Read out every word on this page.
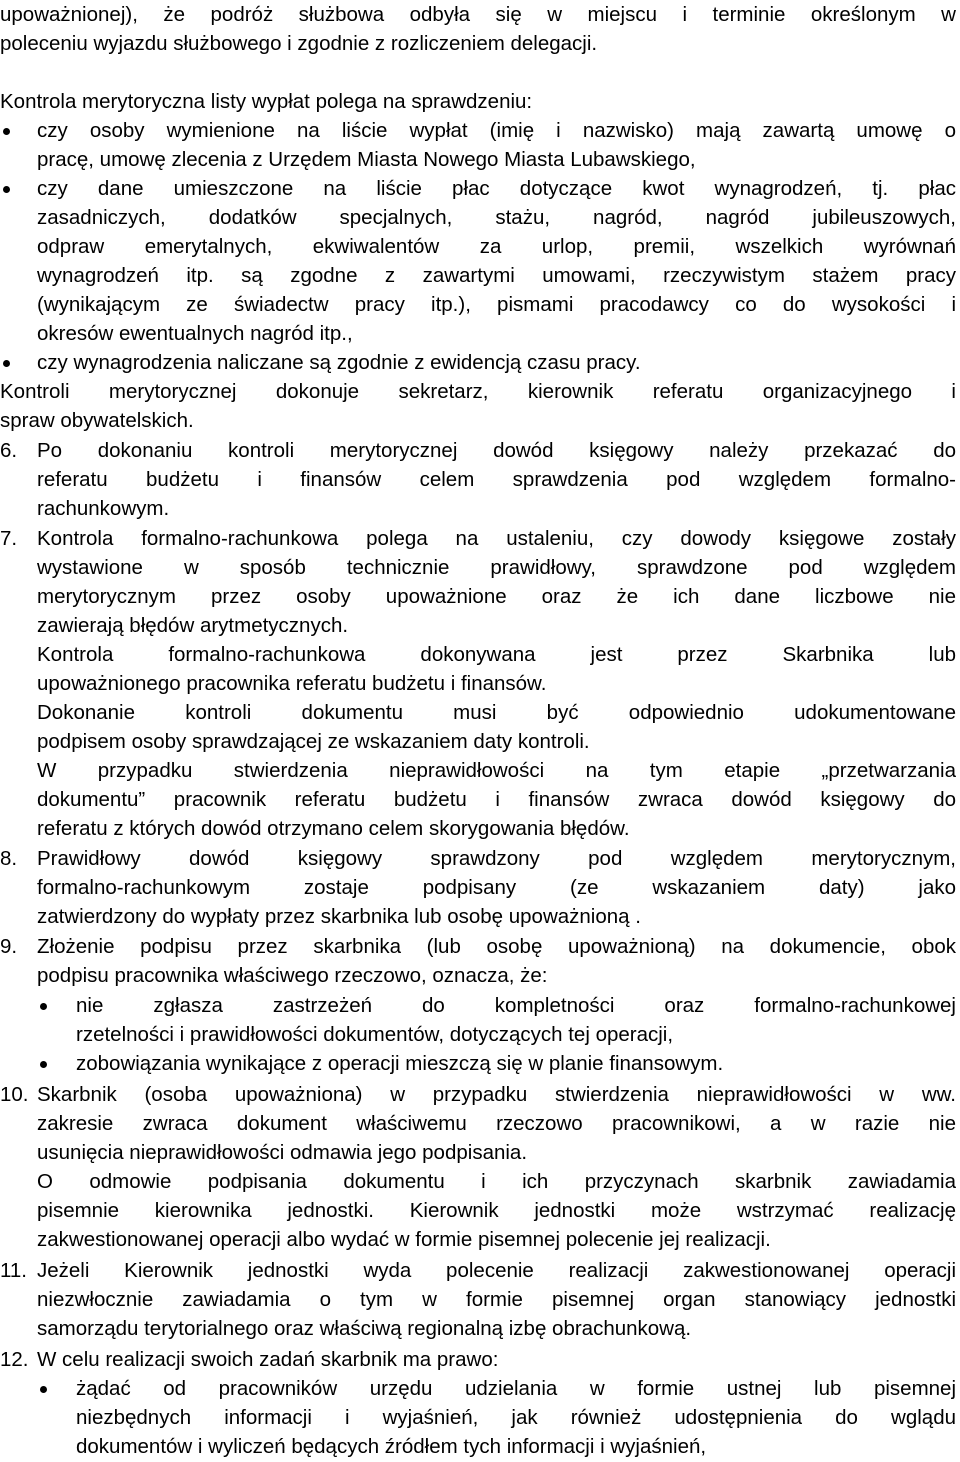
upoważnionej), że podróż służbowa odbyła się w miejscu i terminie określonym w
poleceniu wyjazdu służbowego i zgodnie z rozliczeniem delegacji.
Kontrola merytoryczna listy wypłat polega na sprawdzeniu:
czy osoby wymienione na liście wypłat (imię i nazwisko) mają zawartą umowę o
pracę, umowę zlecenia z Urzędem Miasta Nowego Miasta Lubawskiego,
czy dane umieszczone na liście płac dotyczące kwot wynagrodzeń, tj. płac
zasadniczych, dodatków specjalnych, stażu, nagród, nagród jubileuszowych,
odpraw emerytalnych, ekwiwalentów za urlop, premii, wszelkich wyrównań
wynagrodzeń itp. są zgodne z zawartymi umowami, rzeczywistym stażem pracy
(wynikającym ze świadectw pracy itp.), pismami pracodawcy co do wysokości i
okresów ewentualnych nagród itp.,
czy wynagrodzenia naliczane są zgodnie z ewidencją czasu pracy.
Kontroli merytorycznej dokonuje sekretarz, kierownik referatu organizacyjnego i
spraw obywatelskich.
6. Po dokonaniu kontroli merytorycznej dowód księgowy należy przekazać do
referatu budżetu i finansów celem sprawdzenia pod względem formalno-
rachunkowym.
7. Kontrola formalno-rachunkowa polega na ustaleniu, czy dowody księgowe zostały
wystawione w sposób technicznie prawidłowy, sprawdzone pod względem
merytorycznym przez osoby upoważnione oraz że ich dane liczbowe nie
zawierają błędów arytmetycznych.
Kontrola formalno-rachunkowa dokonywana jest przez Skarbnika lub
upoważnionego pracownika referatu budżetu i finansów.
Dokonanie kontroli dokumentu musi być odpowiednio udokumentowane
podpisem osoby sprawdzającej ze wskazaniem daty kontroli.
W przypadku stwierdzenia nieprawidłowości na tym etapie „przetwarzania
dokumentu” pracownik referatu budżetu i finansów zwraca dowód księgowy do
referatu z których dowód otrzymano celem skorygowania błędów.
8. Prawidłowy dowód księgowy sprawdzony pod względem merytorycznym,
formalno-rachunkowym zostaje podpisany (ze wskazaniem daty) jako
zatwierdzony do wypłaty przez skarbnika lub osobę upoważnioną .
9. Złożenie podpisu przez skarbnika (lub osobę upoważnioną) na dokumencie, obok
podpisu pracownika właściwego rzeczowo, oznacza, że:
nie zgłasza zastrzeżeń do kompletności oraz formalno-rachunkowej
rzetelności i prawidłowości dokumentów, dotyczących tej operacji,
zobowiązania wynikające z operacji mieszczą się w planie finansowym.
10. Skarbnik (osoba upoważniona) w przypadku stwierdzenia nieprawidłowości w ww.
zakresie zwraca dokument właściwemu rzeczowo pracownikowi, a w razie nie
usunięcia nieprawidłowości odmawia jego podpisania.
O odmowie podpisania dokumentu i ich przyczynach skarbnik zawiadamia
pisemnie kierownika jednostki. Kierownik jednostki może wstrzymać realizację
zakwestionowanej operacji albo wydać w formie pisemnej polecenie jej realizacji.
11. Jeżeli Kierownik jednostki wyda polecenie realizacji zakwestionowanej operacji
niezwłocznie zawiadamia o tym w formie pisemnej organ stanowiący jednostki
samorządu terytorialnego oraz właściwą regionalną izbę obrachunkową.
12. W celu realizacji swoich zadań skarbnik ma prawo:
żądać od pracowników urzędu udzielania w formie ustnej lub pisemnej
niezbędnych informacji i wyjaśnień, jak również udostępnienia do wglądu
dokumentów i wyliczeń będących źródłem tych informacji i wyjaśnień,
